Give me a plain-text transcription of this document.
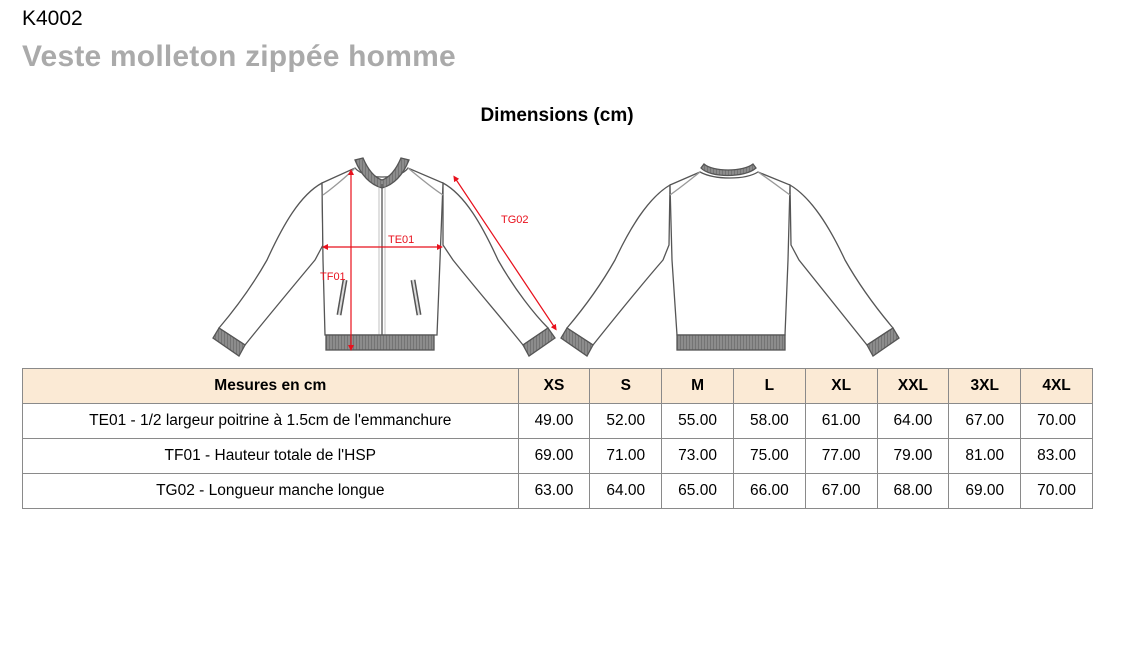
K4002
Veste molleton zippée homme
Dimensions (cm)
TE01
TF01
TG02
Mesures en cm	XS	S	M	L	XL	XXL	3XL	4XL
TE01 - 1/2 largeur poitrine à 1.5cm de l'emmanchure	49.00	52.00	55.00	58.00	61.00	64.00	67.00	70.00
TF01 - Hauteur totale de l'HSP	69.00	71.00	73.00	75.00	77.00	79.00	81.00	83.00
TG02 - Longueur manche longue	63.00	64.00	65.00	66.00	67.00	68.00	69.00	70.00
